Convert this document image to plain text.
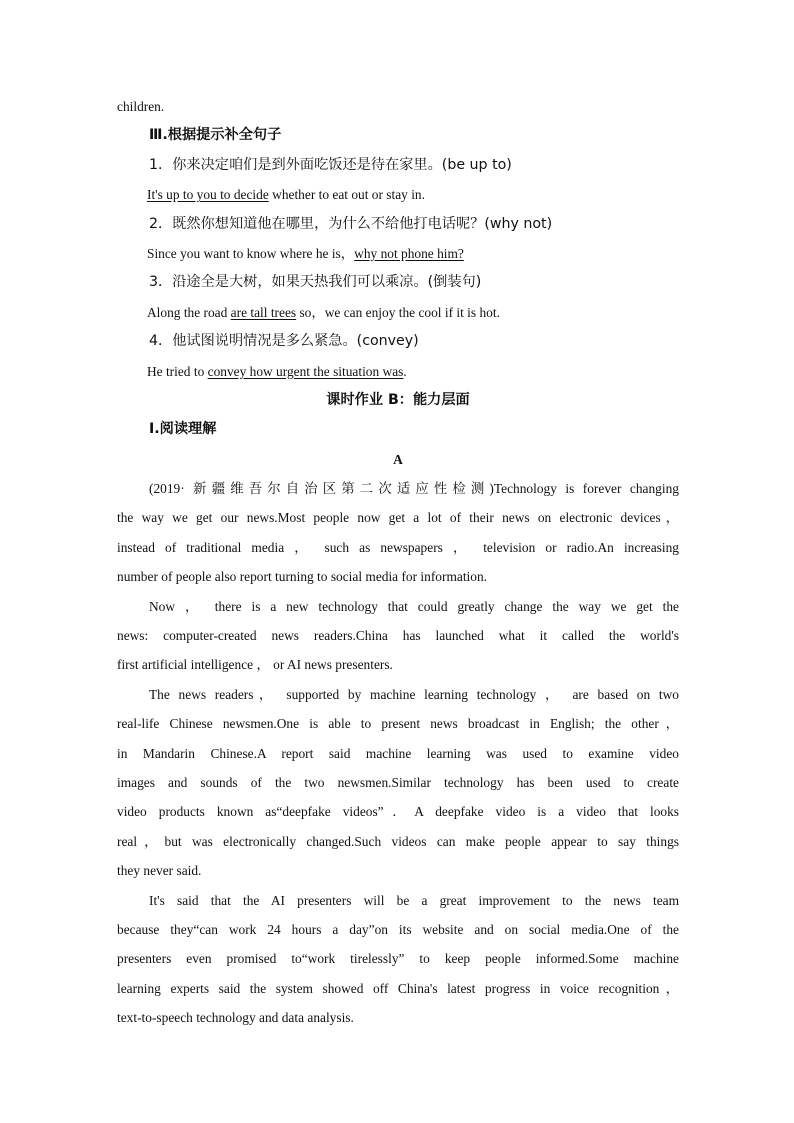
children.
Ⅲ.根据提示补全句子
1．你来决定咱们是到外面吃饭还是待在家里。(be up to)
It's up to you to decide whether to eat out or stay in.
2．既然你想知道他在哪里，为什么不给他打电话呢？(why not)
Since you want to know where he is，why not phone him?
3．沿途全是大树，如果天热我们可以乘凉。(倒装句)
Along the road are tall trees so，we can enjoy the cool if it is hot.
4．他试图说明情况是多么紧急。(convey)
He tried to convey how urgent the situation was.
课时作业 B：能力层面
Ⅰ.阅读理解
A
(2019· 新疆维吾尔自治区第二次适应性检测)Technology is forever changing
the way we get our news.Most people now get a lot of their news on electronic devices，
instead of traditional media ， such as newspapers ， television or radio.An increasing
number of people also report turning to social media for information.
Now ， there is a new technology that could greatly change the way we get the
news: computer-created news readers.China has launched what it called the world's
first artificial intelligence ， or AI news presenters.
The news readers， supported by machine learning technology ， are based on two
real-life Chinese newsmen.One is able to present news broadcast in English; the other，
in Mandarin Chinese.A report said machine learning was used to examine video
images and sounds of the two newsmen.Similar technology has been used to create
video products known as“deepfake videos”．A deepfake video is a video that looks
real，but was electronically changed.Such videos can make people appear to say things
they never said.
It's said that the AI presenters will be a great improvement to the news team
because they“can work 24 hours a day”on its website and on social media.One of the
presenters even promised to“work tirelessly” to keep people informed.Some machine
learning experts said the system showed off China's latest progress in voice recognition，
text-to-speech technology and data analysis.
